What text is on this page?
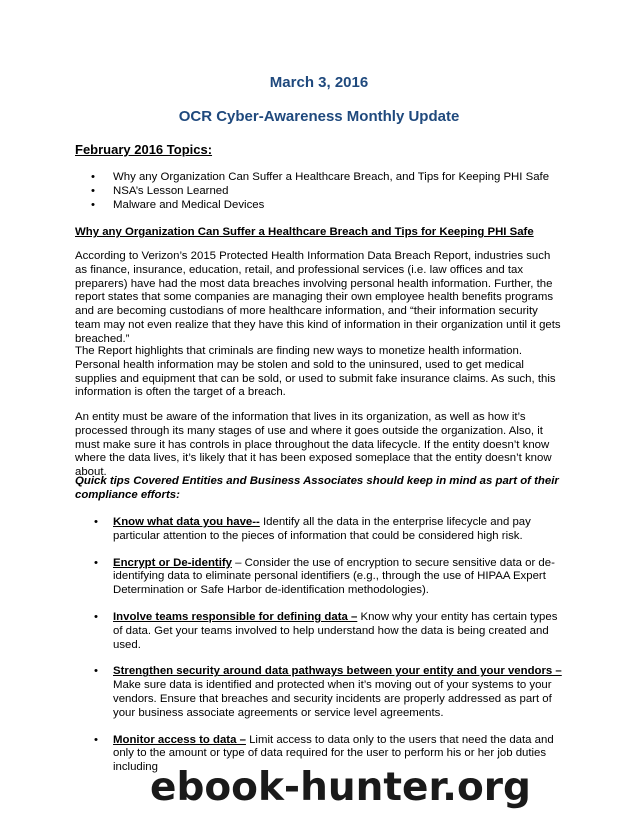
March 3, 2016
OCR Cyber-Awareness Monthly Update
February 2016 Topics:
• Why any Organization Can Suffer a Healthcare Breach, and Tips for Keeping PHI Safe
• NSA’s Lesson Learned
• Malware and Medical Devices
Why any Organization Can Suffer a Healthcare Breach and Tips for Keeping PHI Safe

According to Verizon’s 2015 Protected Health Information Data Breach Report, industries such as finance, insurance, education, retail, and professional services (i.e. law offices and tax preparers) have had the most data breaches involving personal health information. Further, the report states that some companies are managing their own employee health benefits programs and are becoming custodians of more healthcare information, and “their information security team may not even realize that they have this kind of information in their organization until it gets breached.”

The Report highlights that criminals are finding new ways to monetize health information. Personal health information may be stolen and sold to the uninsured, used to get medical supplies and equipment that can be sold, or used to submit fake insurance claims. As such, this information is often the target of a breach.

An entity must be aware of the information that lives in its organization, as well as how it’s processed through its many stages of use and where it goes outside the organization. Also, it must make sure it has controls in place throughout the data lifecycle. If the entity doesn’t know where the data lives, it’s likely that it has been exposed someplace that the entity doesn’t know about.

Quick tips Covered Entities and Business Associates should keep in mind as part of their compliance efforts:

• Know what data you have-- Identify all the data in the enterprise lifecycle and pay particular attention to the pieces of information that could be considered high risk.
• Encrypt or De-identify – Consider the use of encryption to secure sensitive data or de-identifying data to eliminate personal identifiers (e.g., through the use of HIPAA Expert Determination or Safe Harbor de-identification methodologies).
• Involve teams responsible for defining data – Know why your entity has certain types of data. Get your teams involved to help understand how the data is being created and used.
• Strengthen security around data pathways between your entity and your vendors – Make sure data is identified and protected when it’s moving out of your systems to your vendors. Ensure that breaches and security incidents are properly addressed as part of your business associate agreements or service level agreements.
• Monitor access to data – Limit access to data only to the users that need the data and only to the amount or type of data required for the user to perform his or her job duties including
ebook-hunter.org
